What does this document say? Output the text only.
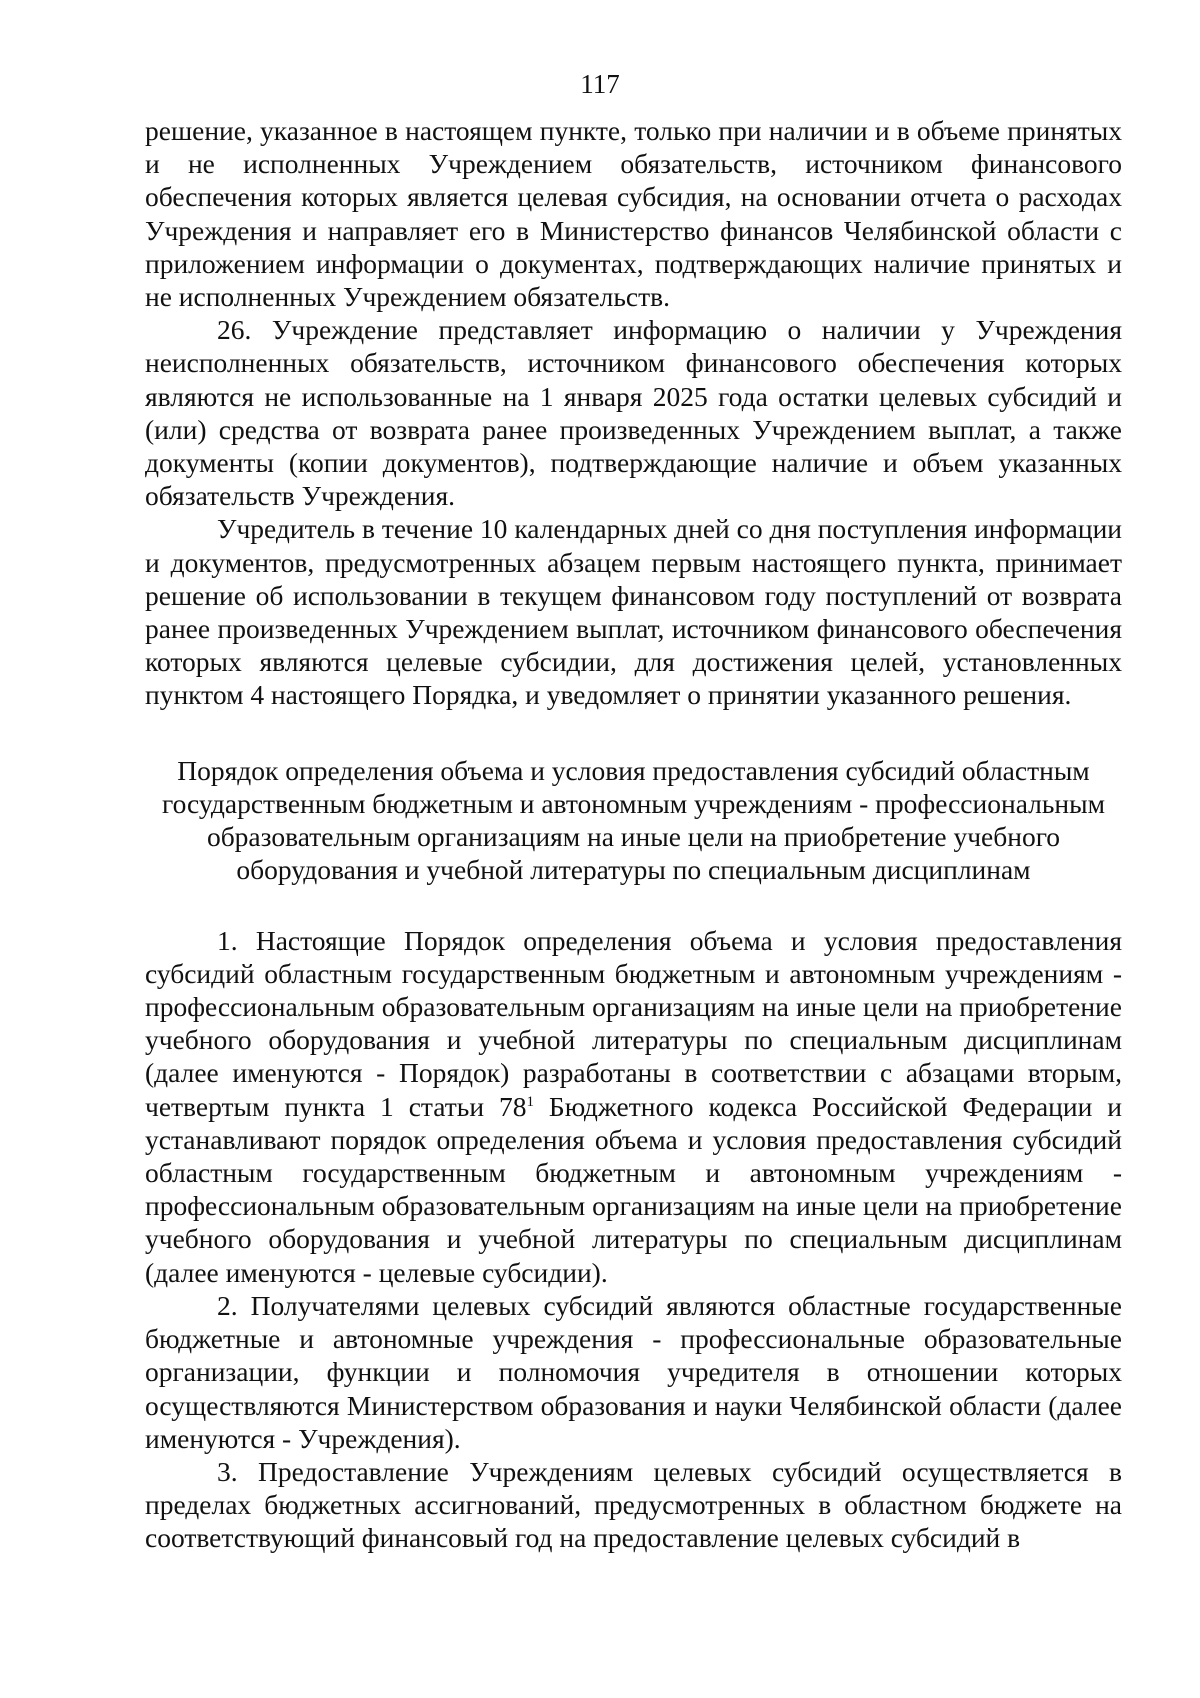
117

решение, указанное в настоящем пункте, только при наличии и в объеме принятых и не исполненных Учреждением обязательств, источником финансового обеспечения которых является целевая субсидия, на основании отчета о расходах Учреждения и направляет его в Министерство финансов Челябинской области с приложением информации о документах, подтверждающих наличие принятых и не исполненных Учреждением обязательств.

26. Учреждение представляет информацию о наличии у Учреждения неисполненных обязательств, источником финансового обеспечения которых являются не использованные на 1 января 2025 года остатки целевых субсидий и (или) средства от возврата ранее произведенных Учреждением выплат, а также документы (копии документов), подтверждающие наличие и объем указанных обязательств Учреждения.

Учредитель в течение 10 календарных дней со дня поступления информации и документов, предусмотренных абзацем первым настоящего пункта, принимает решение об использовании в текущем финансовом году поступлений от возврата ранее произведенных Учреждением выплат, источником финансового обеспечения которых являются целевые субсидии, для достижения целей, установленных пунктом 4 настоящего Порядка, и уведомляет о принятии указанного решения.

Порядок определения объема и условия предоставления субсидий областным
государственным бюджетным и автономным учреждениям - профессиональным
образовательным организациям на иные цели на приобретение учебного
оборудования и учебной литературы по специальным дисциплинам

1. Настоящие Порядок определения объема и условия предоставления субсидий областным государственным бюджетным и автономным учреждениям - профессиональным образовательным организациям на иные цели на приобретение учебного оборудования и учебной литературы по специальным дисциплинам (далее именуются - Порядок) разработаны в соответствии с абзацами вторым, четвертым пункта 1 статьи $78^1$ Бюджетного кодекса Российской Федерации и устанавливают порядок определения объема и условия предоставления субсидий областным государственным бюджетным и автономным учреждениям - профессиональным образовательным организациям на иные цели на приобретение учебного оборудования и учебной литературы по специальным дисциплинам (далее именуются - целевые субсидии).

2. Получателями целевых субсидий являются областные государственные бюджетные и автономные учреждения - профессиональные образовательные организации, функции и полномочия учредителя в отношении которых осуществляются Министерством образования и науки Челябинской области (далее именуются - Учреждения).

3. Предоставление Учреждениям целевых субсидий осуществляется в пределах бюджетных ассигнований, предусмотренных в областном бюджете на соответствующий финансовый год на предоставление целевых субсидий в
